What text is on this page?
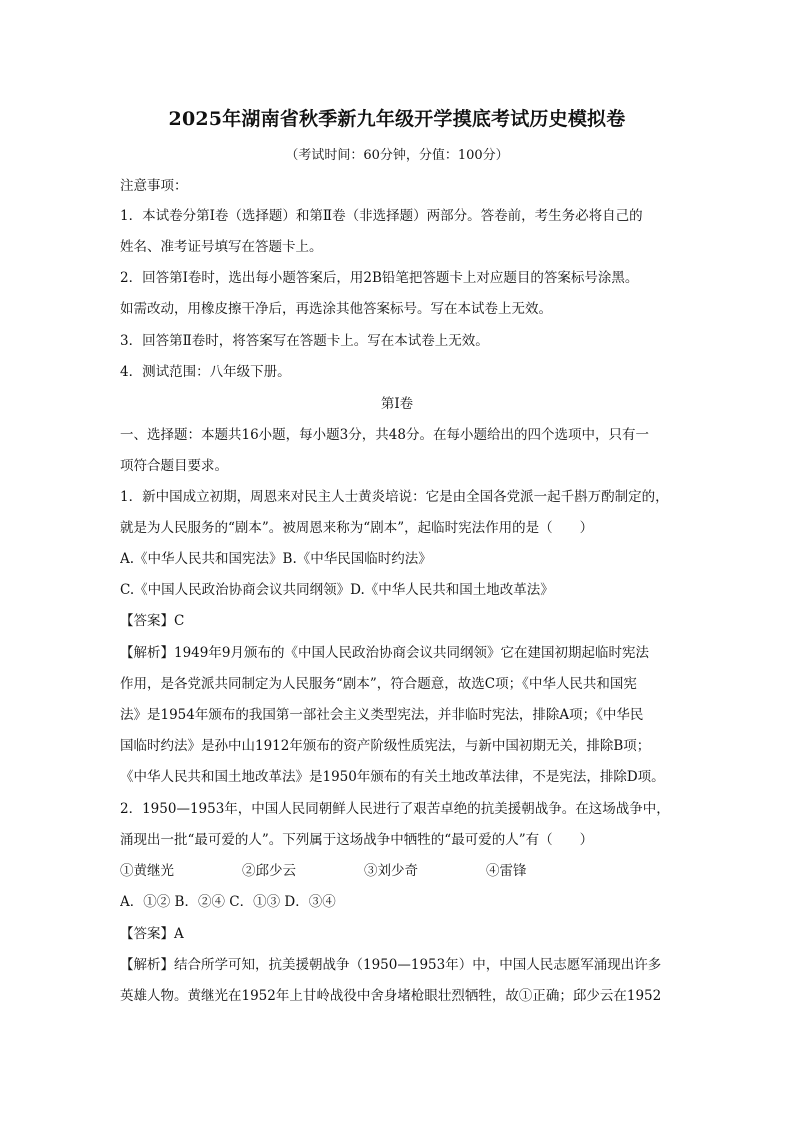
2025年湖南省秋季新九年级开学摸底考试历史模拟卷
（考试时间：60分钟，分值：100分）
注意事项：
1．本试卷分第Ⅰ卷（选择题）和第Ⅱ卷（非选择题）两部分。答卷前，考生务必将自己的
姓名、准考证号填写在答题卡上。
2．回答第Ⅰ卷时，选出每小题答案后，用2B铅笔把答题卡上对应题目的答案标号涂黑。
如需改动，用橡皮擦干净后，再选涂其他答案标号。写在本试卷上无效。
3．回答第Ⅱ卷时，将答案写在答题卡上。写在本试卷上无效。
4．测试范围：八年级下册。
第Ⅰ卷
一、选择题：本题共16小题，每小题3分，共48分。在每小题给出的四个选项中，只有一
项符合题目要求。
1．新中国成立初期，周恩来对民主人士黄炎培说：它是由全国各党派一起千斟万酌制定的，
就是为人民服务的“剧本”。被周恩来称为“剧本”，起临时宪法作用的是（　　）
A.《中华人民共和国宪法》B.《中华民国临时约法》
C.《中国人民政治协商会议共同纲领》D.《中华人民共和国土地改革法》
【答案】C
【解析】1949年9月颁布的《中国人民政治协商会议共同纲领》它在建国初期起临时宪法
作用，是各党派共同制定为人民服务“剧本”，符合题意，故选C项；《中华人民共和国宪
法》是1954年颁布的我国第一部社会主义类型宪法，并非临时宪法，排除A项；《中华民
国临时约法》是孙中山1912年颁布的资产阶级性质宪法，与新中国初期无关，排除B项；
《中华人民共和国土地改革法》是1950年颁布的有关土地改革法律，不是宪法，排除D项。
2．1950—1953年，中国人民同朝鲜人民进行了艰苦卓绝的抗美援朝战争。在这场战争中，
涌现出一批“最可爱的人”。下列属于这场战争中牺牲的“最可爱的人”有（　　）
①黄继光	②邱少云	③刘少奇	④雷锋
A．①② B．②④ C．①③ D．③④
【答案】A
【解析】结合所学可知，抗美援朝战争（1950—1953年）中，中国人民志愿军涌现出许多
英雄人物。黄继光在1952年上甘岭战役中舍身堵枪眼壮烈牺牲，故①正确；邱少云在1952
